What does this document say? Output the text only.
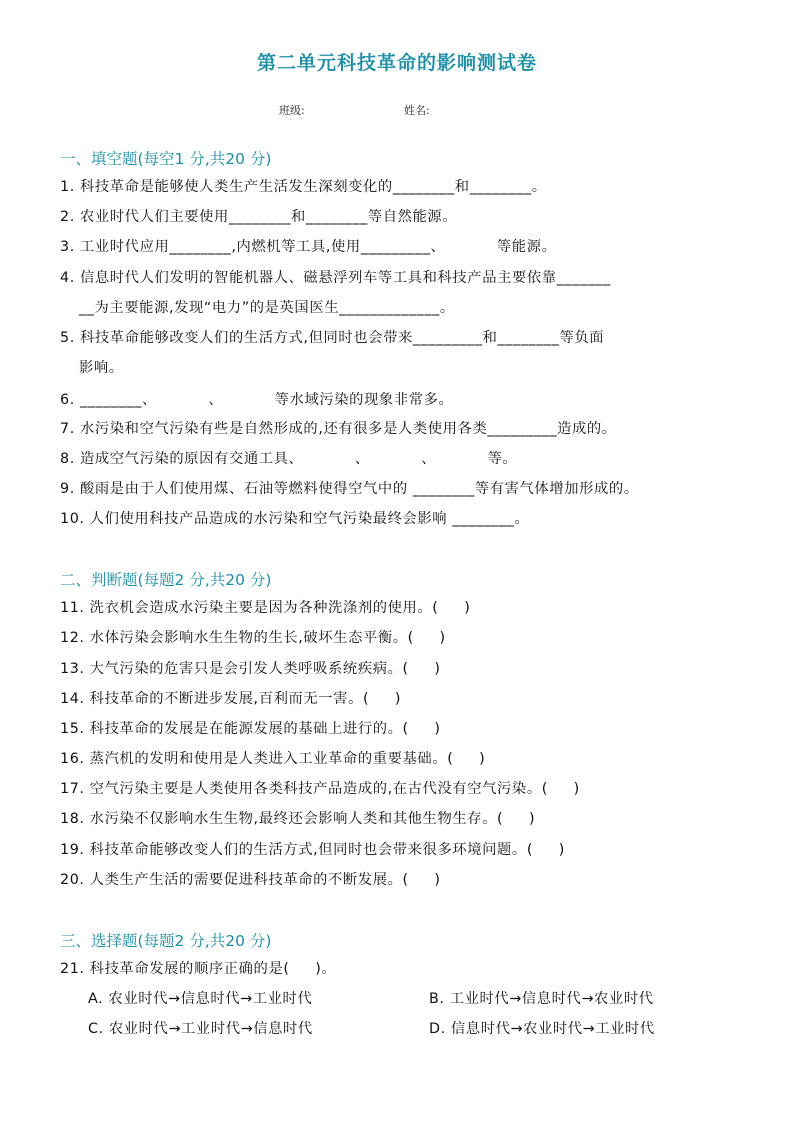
第二单元科技革命的影响测试卷
班级:	姓名:
一、填空题(每空1 分,共20 分)
1. 科技革命是能够使人类生产生活发生深刻变化的________和________。
2. 农业时代人们主要使用________和________等自然能源。
3. 工业时代应用________,内燃机等工具,使用_________、          等能源。
4. 信息时代人们发明的智能机器人、磁悬浮列车等工具和科技产品主要依靠_______
__为主要能源,发现“电力”的是英国医生_____________。
5. 科技革命能够改变人们的生活方式,但同时也会带来_________和________等负面
影响。
6. ________、          、          等水域污染的现象非常多。
7. 水污染和空气污染有些是自然形成的,还有很多是人类使用各类_________造成的。
8. 造成空气污染的原因有交通工具、          、          、          等。
9. 酸雨是由于人们使用煤、石油等燃料使得空气中的 ________等有害气体增加形成的。
10. 人们使用科技产品造成的水污染和空气污染最终会影响 ________。
二、判断题(每题2 分,共20 分)
11. 洗衣机会造成水污染主要是因为各种洗涤剂的使用。(     )
12. 水体污染会影响水生生物的生长,破坏生态平衡。(     )
13. 大气污染的危害只是会引发人类呼吸系统疾病。(     )
14. 科技革命的不断进步发展,百利而无一害。(     )
15. 科技革命的发展是在能源发展的基础上进行的。(     )
16. 蒸汽机的发明和使用是人类进入工业革命的重要基础。(     )
17. 空气污染主要是人类使用各类科技产品造成的,在古代没有空气污染。(     )
18. 水污染不仅影响水生生物,最终还会影响人类和其他生物生存。(     )
19. 科技革命能够改变人们的生活方式,但同时也会带来很多环境问题。(     )
20. 人类生产生活的需要促进科技革命的不断发展。(     )
三、选择题(每题2 分,共20 分)
21. 科技革命发展的顺序正确的是(     )。
A. 农业时代→信息时代→工业时代	B. 工业时代→信息时代→农业时代
C. 农业时代→工业时代→信息时代	D. 信息时代→农业时代→工业时代
